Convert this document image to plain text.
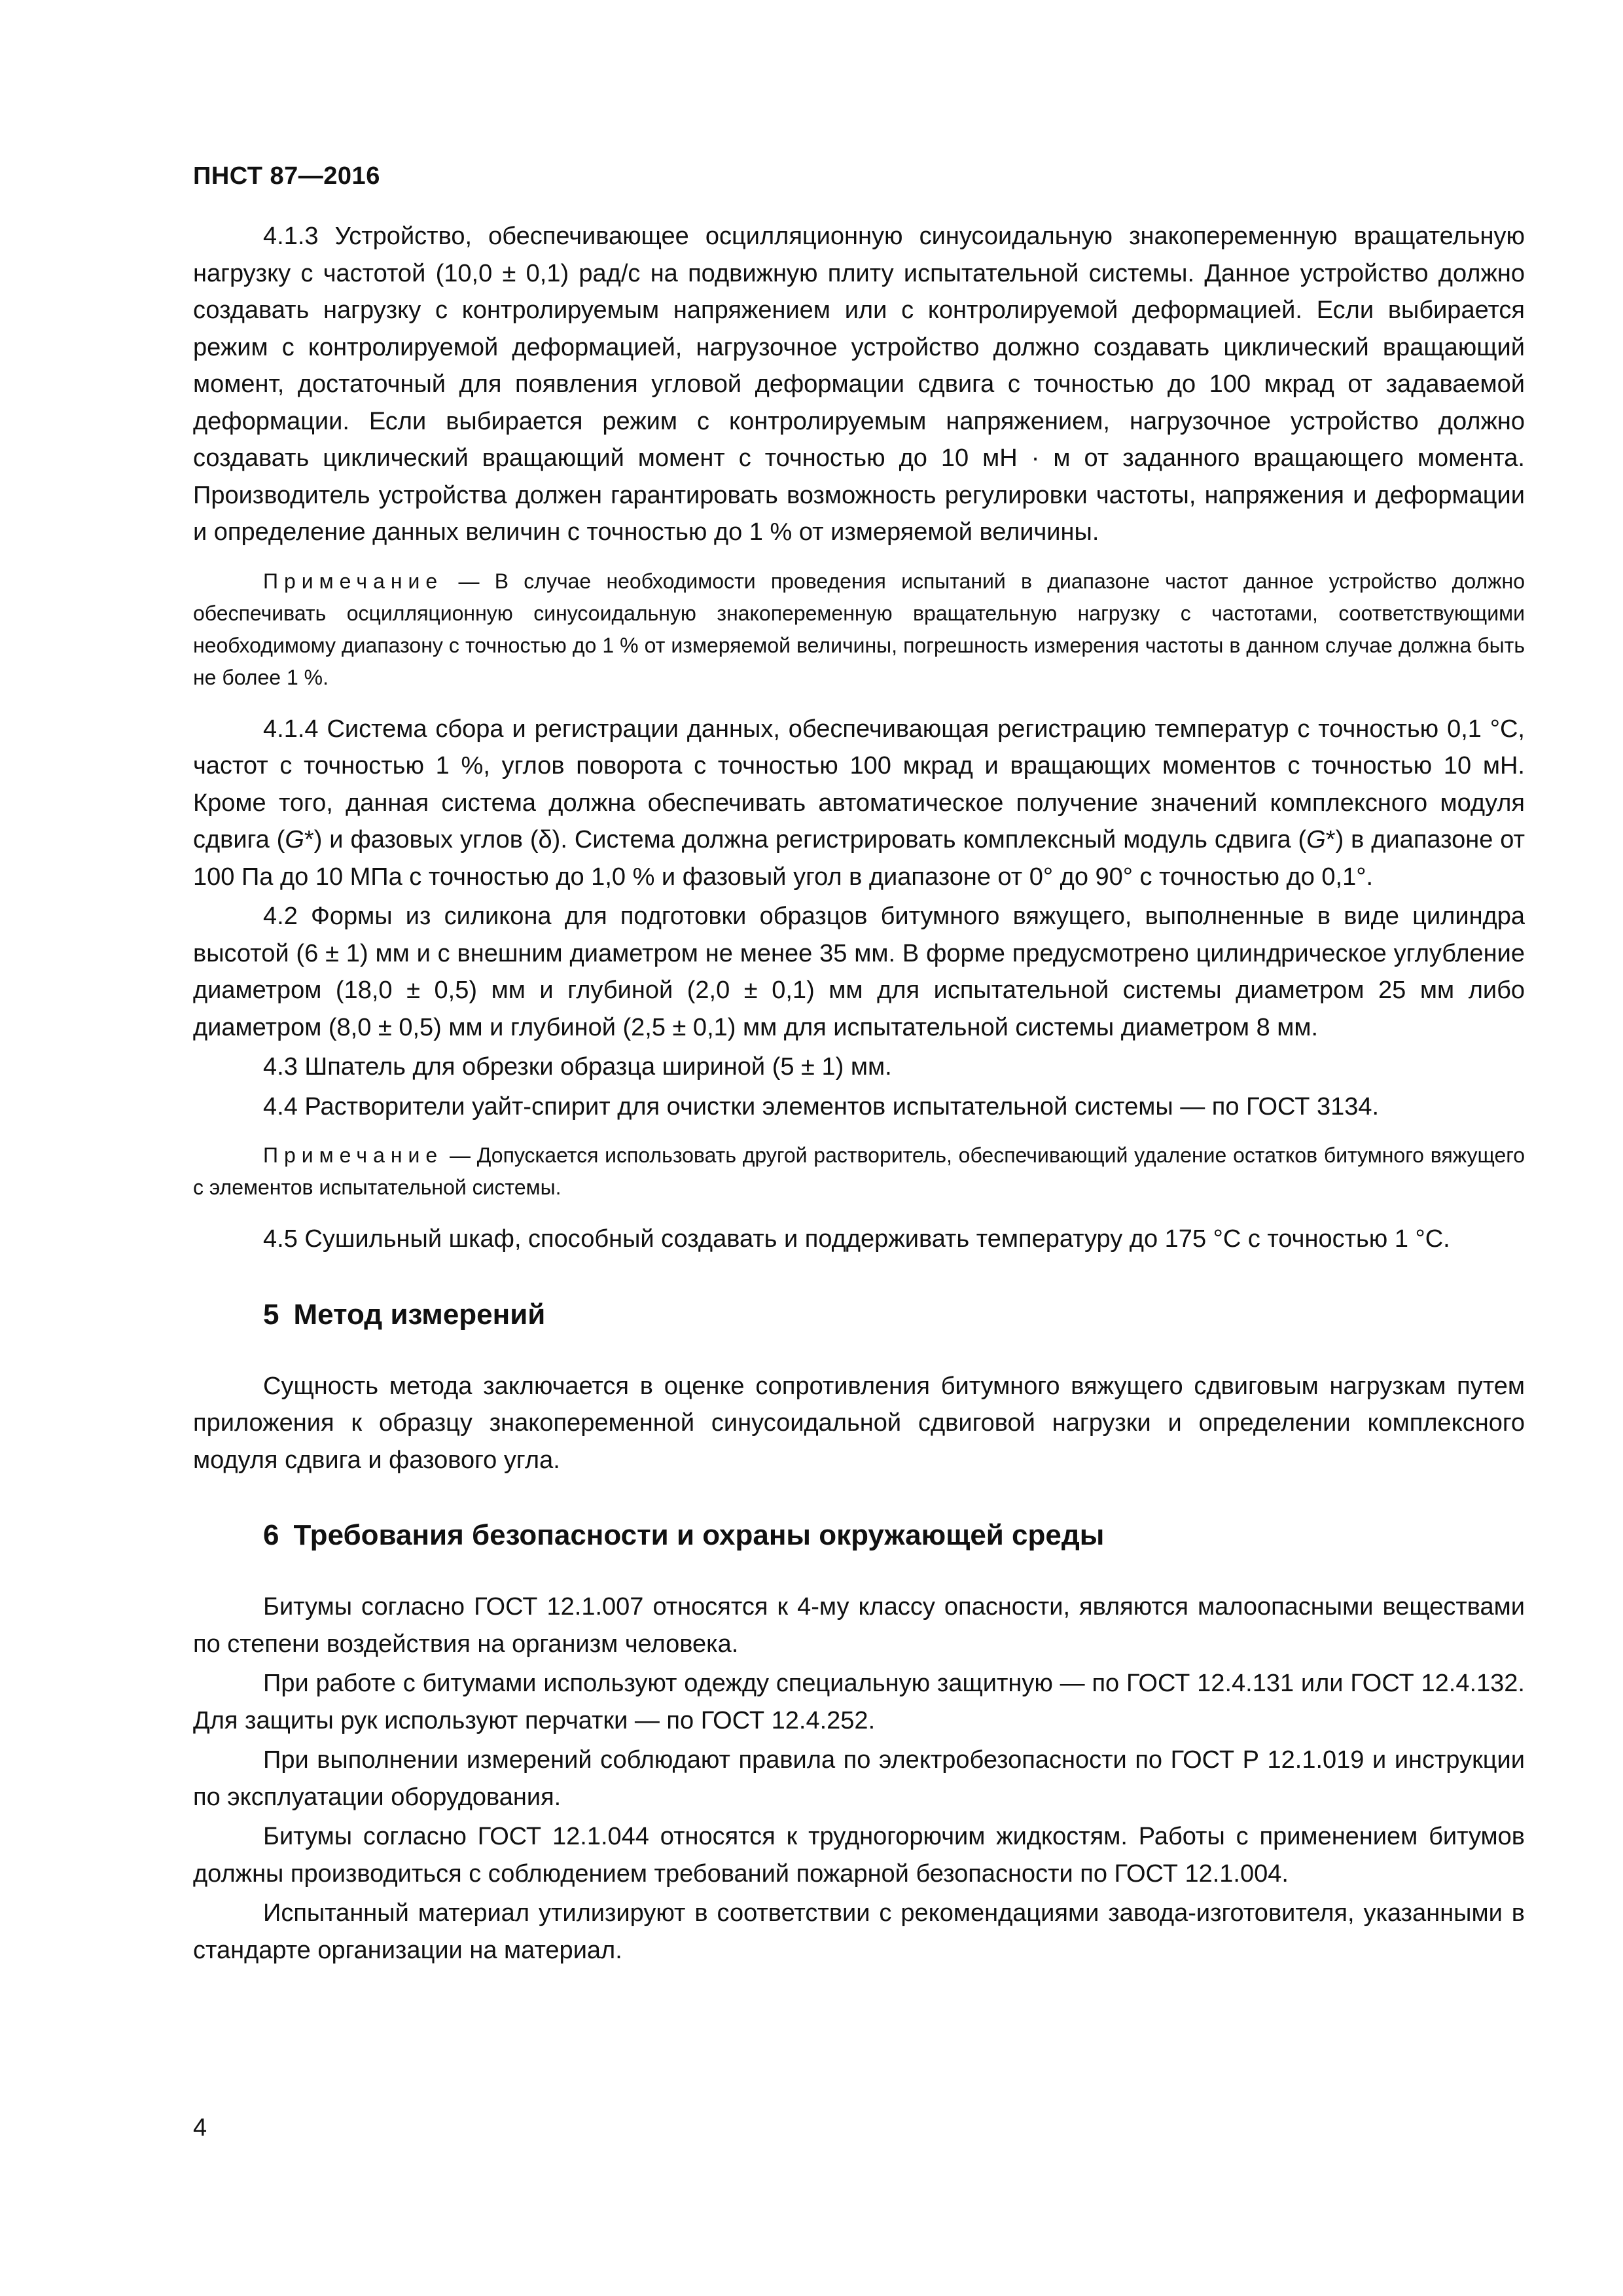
ПНСТ 87—2016

4.1.3 Устройство, обеспечивающее осцилляционную синусоидальную знакопеременную вращательную нагрузку с частотой (10,0 ± 0,1) рад/с на подвижную плиту испытательной системы. Данное устройство должно создавать нагрузку с контролируемым напряжением или с контролируемой деформацией. Если выбирается режим с контролируемой деформацией, нагрузочное устройство должно создавать циклический вращающий момент, достаточный для появления угловой деформации сдвига с точностью до 100 мкрад от задаваемой деформации. Если выбирается режим с контролируемым напряжением, нагрузочное устройство должно создавать циклический вращающий момент с точностью до 10 мН · м от заданного вращающего момента. Производитель устройства должен гарантировать возможность регулировки частоты, напряжения и деформации и определение данных величин с точностью до 1 % от измеряемой величины.

Примечание — В случае необходимости проведения испытаний в диапазоне частот данное устройство должно обеспечивать осцилляционную синусоидальную знакопеременную вращательную нагрузку с частотами, соответствующими необходимому диапазону с точностью до 1 % от измеряемой величины, погрешность измерения частоты в данном случае должна быть не более 1 %.

4.1.4 Система сбора и регистрации данных, обеспечивающая регистрацию температур с точностью 0,1 °С, частот с точностью 1 %, углов поворота с точностью 100 мкрад и вращающих моментов с точностью 10 мН. Кроме того, данная система должна обеспечивать автоматическое получение значений комплексного модуля сдвига (G*) и фазовых углов (δ). Система должна регистрировать комплексный модуль сдвига (G*) в диапазоне от 100 Па до 10 МПа с точностью до 1,0 % и фазовый угол в диапазоне от 0° до 90° с точностью до 0,1°.

4.2 Формы из силикона для подготовки образцов битумного вяжущего, выполненные в виде цилиндра высотой (6 ± 1) мм и с внешним диаметром не менее 35 мм. В форме предусмотрено цилиндрическое углубление диаметром (18,0 ± 0,5) мм и глубиной (2,0 ± 0,1) мм для испытательной системы диаметром 25 мм либо диаметром (8,0 ± 0,5) мм и глубиной (2,5 ± 0,1) мм для испытательной системы диаметром 8 мм.

4.3 Шпатель для обрезки образца шириной (5 ± 1) мм.

4.4 Растворители уайт-спирит для очистки элементов испытательной системы — по ГОСТ 3134.

Примечание — Допускается использовать другой растворитель, обеспечивающий удаление остатков битумного вяжущего с элементов испытательной системы.

4.5 Сушильный шкаф, способный создавать и поддерживать температуру до 175 °С с точностью 1 °С.

5 Метод измерений

Сущность метода заключается в оценке сопротивления битумного вяжущего сдвиговым нагрузкам путем приложения к образцу знакопеременной синусоидальной сдвиговой нагрузки и определении комплексного модуля сдвига и фазового угла.

6 Требования безопасности и охраны окружающей среды

Битумы согласно ГОСТ 12.1.007 относятся к 4-му классу опасности, являются малоопасными веществами по степени воздействия на организм человека.

При работе с битумами используют одежду специальную защитную — по ГОСТ 12.4.131 или ГОСТ 12.4.132. Для защиты рук используют перчатки — по ГОСТ 12.4.252.

При выполнении измерений соблюдают правила по электробезопасности по ГОСТ Р 12.1.019 и инструкции по эксплуатации оборудования.

Битумы согласно ГОСТ 12.1.044 относятся к трудногорючим жидкостям. Работы с применением битумов должны производиться с соблюдением требований пожарной безопасности по ГОСТ 12.1.004.

Испытанный материал утилизируют в соответствии с рекомендациями завода-изготовителя, указанными в стандарте организации на материал.

4
